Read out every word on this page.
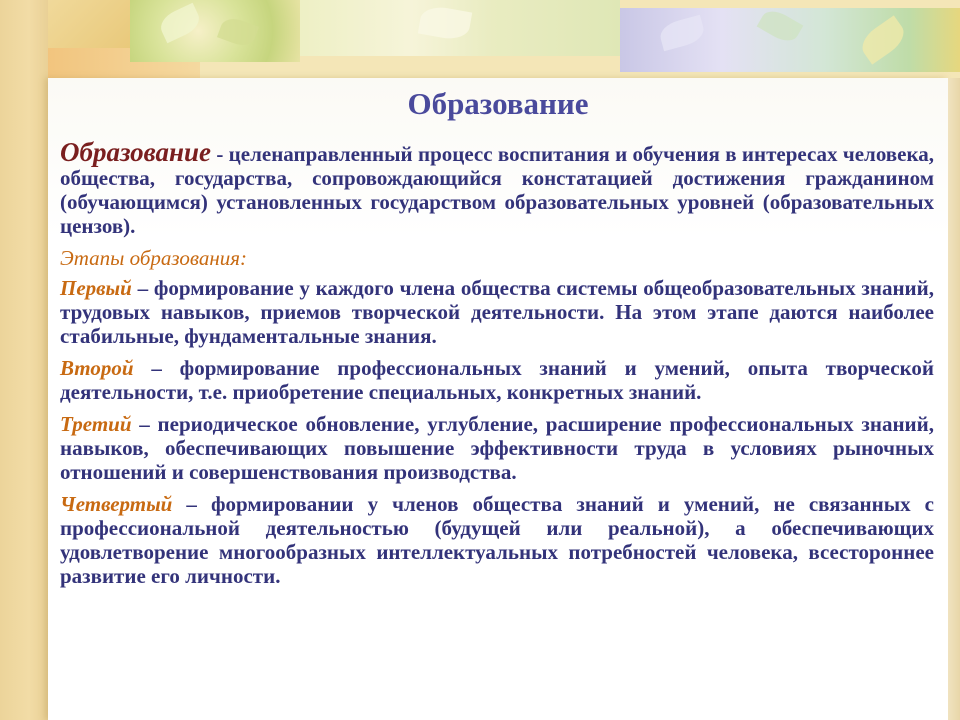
Образование

Образование - целенаправленный процесс воспитания и обучения в интересах человека, общества, государства, сопровождающийся констатацией достижения гражданином (обучающимся) установленных государством образовательных уровней (образовательных цензов).

Этапы образования:

Первый – формирование у каждого члена общества системы общеобразовательных знаний, трудовых навыков, приемов творческой деятельности. На этом этапе даются наиболее стабильные, фундаментальные знания.

Второй – формирование профессиональных знаний и умений, опыта творческой деятельности, т.е. приобретение специальных, конкретных знаний.

Третий – периодическое обновление, углубление, расширение профессиональных знаний, навыков, обеспечивающих повышение эффективности труда в условиях рыночных отношений и совершенствования производства.

Четвертый – формировании у членов общества знаний и умений, не связанных с профессиональной деятельностью (будущей или реальной), а обеспечивающих удовлетворение многообразных интеллектуальных потребностей человека, всестороннее развитие его личности.
